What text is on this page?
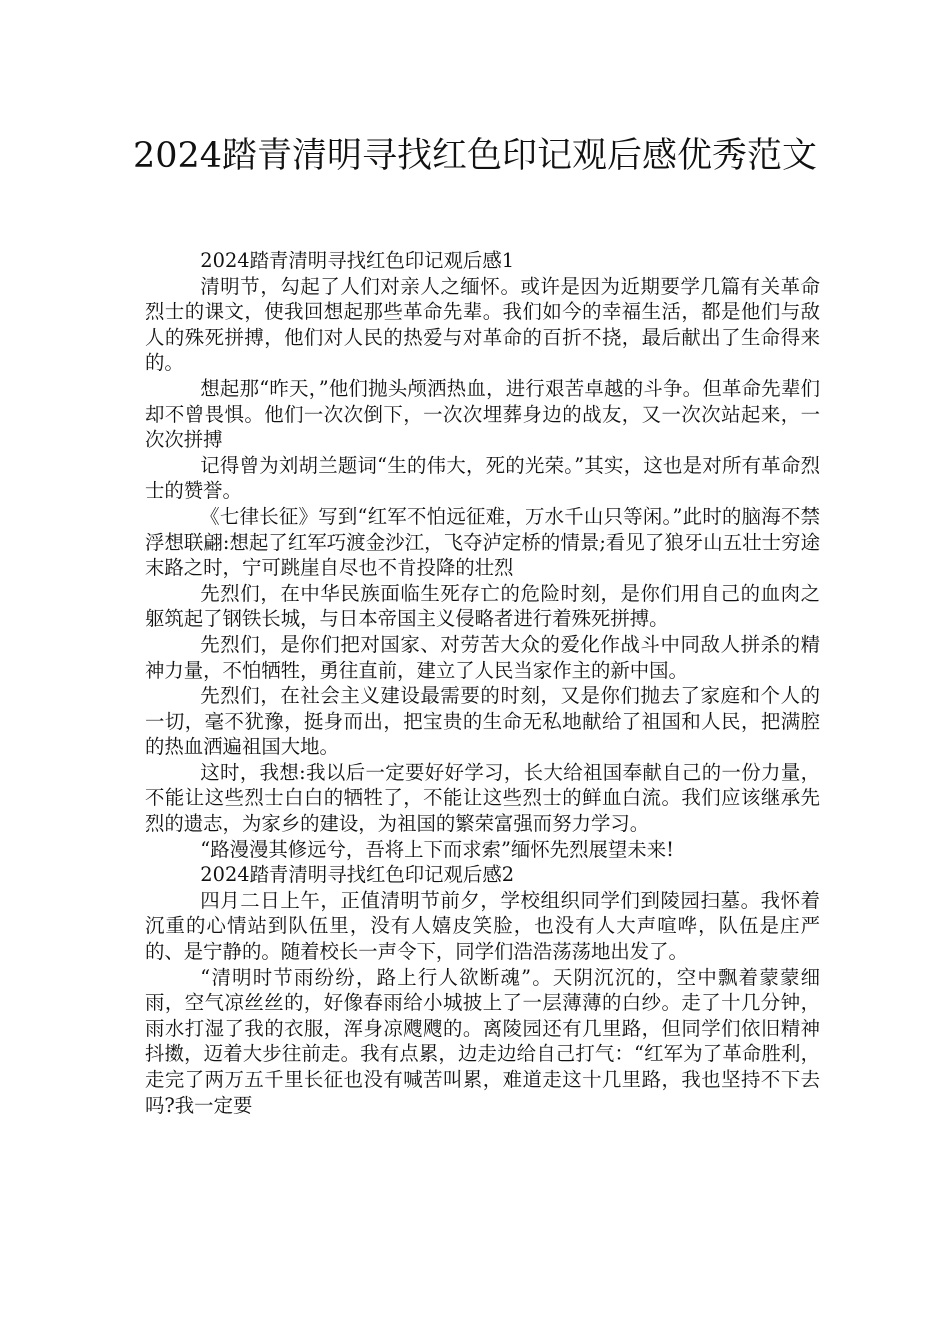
2024踏青清明寻找红色印记观后感优秀范文

2024踏青清明寻找红色印记观后感1

清明节，勾起了人们对亲人之缅怀。或许是因为近期要学几篇有关革命烈士的课文，使我回想起那些革命先辈。我们如今的幸福生活，都是他们与敌人的殊死拼搏，他们对人民的热爱与对革命的百折不挠，最后献出了生命得来的。

想起那“昨天，”他们抛头颅洒热血，进行艰苦卓越的斗争。但革命先辈们却不曾畏惧。他们一次次倒下，一次次埋葬身边的战友，又一次次站起来，一次次拼搏

记得曾为刘胡兰题词“生的伟大，死的光荣。”其实，这也是对所有革命烈士的赞誉。

《七律长征》写到“红军不怕远征难，万水千山只等闲。”此时的脑海不禁浮想联翩:想起了红军巧渡金沙江，飞夺泸定桥的情景;看见了狼牙山五壮士穷途末路之时，宁可跳崖自尽也不肯投降的壮烈

先烈们，在中华民族面临生死存亡的危险时刻，是你们用自己的血肉之躯筑起了钢铁长城，与日本帝国主义侵略者进行着殊死拼搏。

先烈们，是你们把对国家、对劳苦大众的爱化作战斗中同敌人拼杀的精神力量，不怕牺牲，勇往直前，建立了人民当家作主的新中国。

先烈们，在社会主义建设最需要的时刻，又是你们抛去了家庭和个人的一切，毫不犹豫，挺身而出，把宝贵的生命无私地献给了祖国和人民，把满腔的热血洒遍祖国大地。

这时，我想:我以后一定要好好学习，长大给祖国奉献自己的一份力量，不能让这些烈士白白的牺牲了，不能让这些烈士的鲜血白流。我们应该继承先烈的遗志，为家乡的建设，为祖国的繁荣富强而努力学习。

“路漫漫其修远兮，吾将上下而求索”缅怀先烈展望未来!

2024踏青清明寻找红色印记观后感2

四月二日上午，正值清明节前夕，学校组织同学们到陵园扫墓。我怀着沉重的心情站到队伍里，没有人嬉皮笑脸，也没有人大声喧哗，队伍是庄严的、是宁静的。随着校长一声令下，同学们浩浩荡荡地出发了。

“清明时节雨纷纷，路上行人欲断魂”。天阴沉沉的，空中飘着蒙蒙细雨，空气凉丝丝的，好像春雨给小城披上了一层薄薄的白纱。走了十几分钟，雨水打湿了我的衣服，浑身凉飕飕的。离陵园还有几里路，但同学们依旧精神抖擞，迈着大步往前走。我有点累，边走边给自己打气：“红军为了革命胜利，走完了两万五千里长征也没有喊苦叫累，难道走这十几里路，我也坚持不下去吗?我一定要
